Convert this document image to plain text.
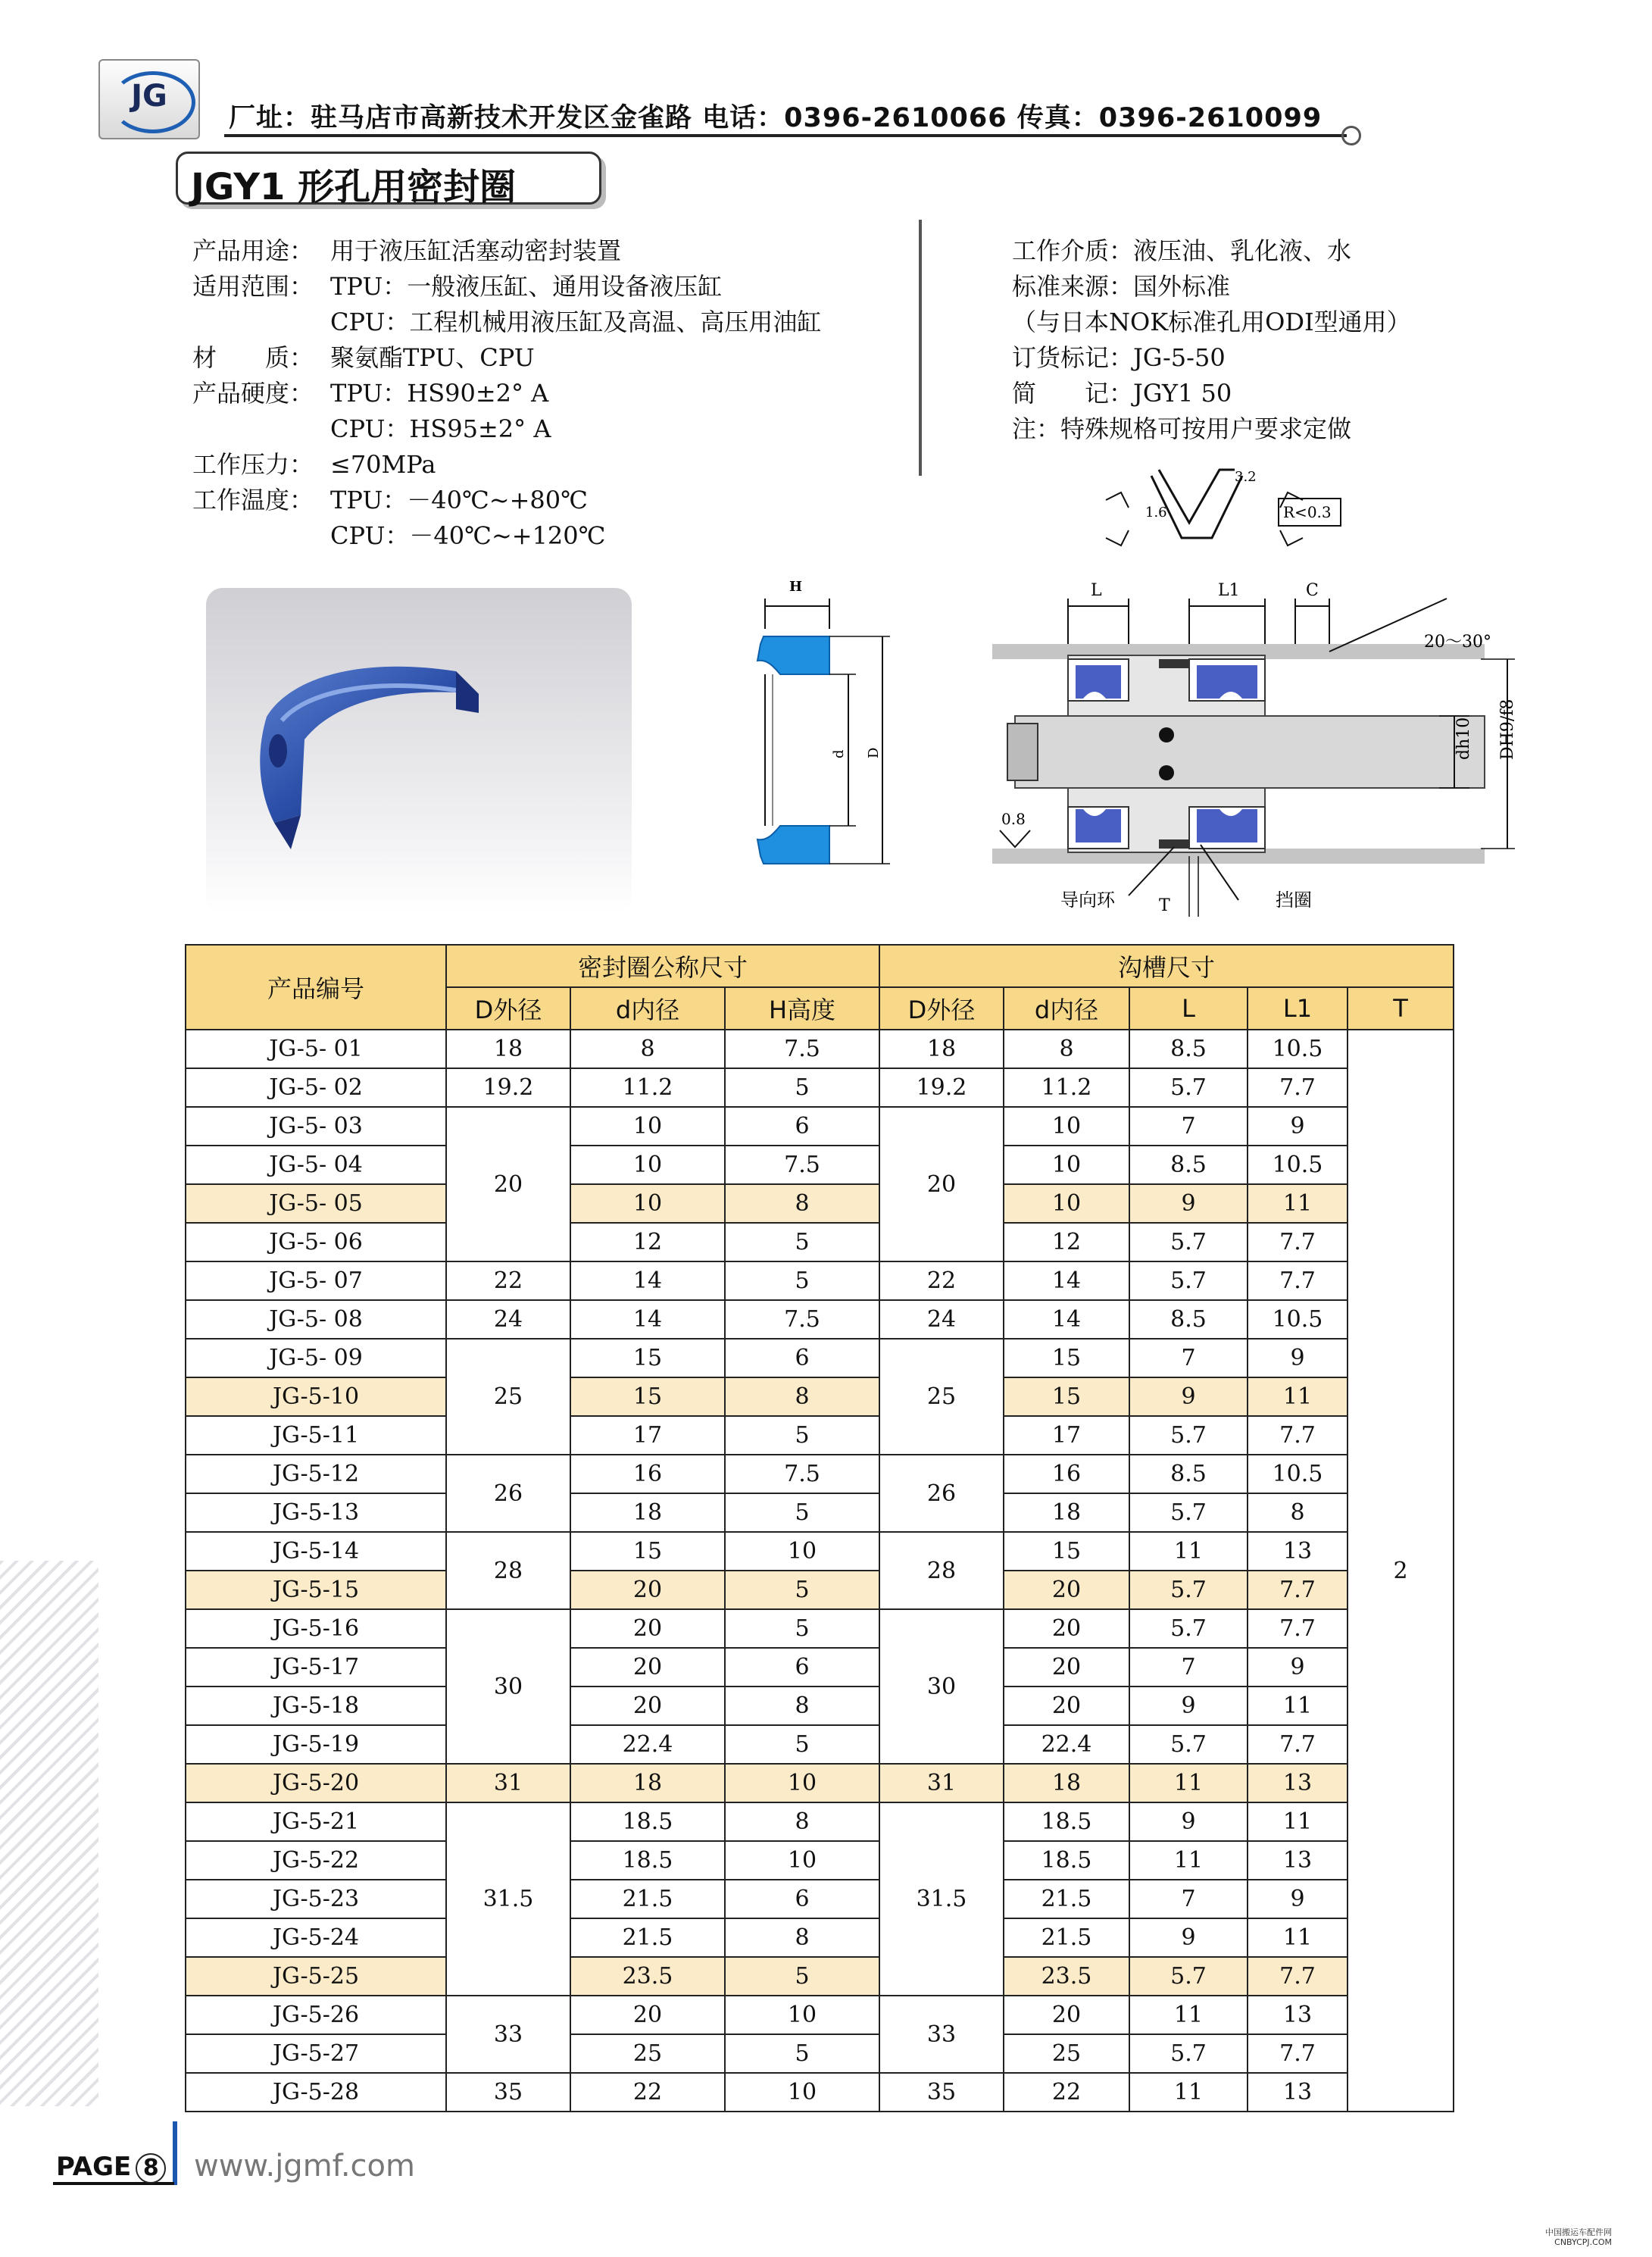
JG
厂址：驻马店市高新技术开发区金雀路 电话：0396-2610066 传真：0396-2610099
JGY1 形孔用密封圈
产品用途： 用于液压缸活塞动密封装置
适用范围： TPU：一般液压缸、通用设备液压缸
CPU：工程机械用液压缸及高温、高压用油缸
材　　质： 聚氨酯TPU、CPU
产品硬度： TPU：HS90±2° A
CPU：HS95±2° A
工作压力： ≤70MPa
工作温度： TPU：－40℃~+80℃
CPU：－40℃~+120℃
工作介质：液压油、乳化液、水
标准来源：国外标准
（与日本NOK标准孔用ODI型通用）
订货标记：JG-5-50
简　　记：JGY1 50
注：特殊规格可按用户要求定做
3.2
1.6	R<0.3
H
d D
L	L1	C
20～30°
dh10 DH9/f8
0.8
导向环	T	挡圈
产品编号	密封圈公称尺寸			沟槽尺寸				
	D外径	d内径	H高度	D外径	d内径	L	L1	T
JG-5- 01	18	8	7.5	18	8	8.5	10.5	2
JG-5- 02	19.2	11.2	5	19.2	11.2	5.7	7.7	
JG-5- 03	20	10	6	20	10	7	9	
JG-5- 04		10	7.5		10	8.5	10.5	
JG-5- 05		10	8		10	9	11	
JG-5- 06		12	5		12	5.7	7.7	
JG-5- 07	22	14	5	22	14	5.7	7.7	
JG-5- 08	24	14	7.5	24	14	8.5	10.5	
JG-5- 09	25	15	6	25	15	7	9	
JG-5-10		15	8		15	9	11	
JG-5-11		17	5		17	5.7	7.7	
JG-5-12	26	16	7.5	26	16	8.5	10.5	
JG-5-13		18	5		18	5.7	8	
JG-5-14	28	15	10	28	15	11	13	
JG-5-15		20	5		20	5.7	7.7	
JG-5-16	30	20	5	30	20	5.7	7.7	
JG-5-17		20	6		20	7	9	
JG-5-18		20	8		20	9	11	
JG-5-19		22.4	5		22.4	5.7	7.7	
JG-5-20	31	18	10	31	18	11	13	
JG-5-21	31.5	18.5	8	31.5	18.5	9	11	
JG-5-22		18.5	10		18.5	11	13	
JG-5-23		21.5	6		21.5	7	9	
JG-5-24		21.5	8		21.5	9	11	
JG-5-25		23.5	5		23.5	5.7	7.7	
JG-5-26	33	20	10	33	20	11	13	
JG-5-27		25	5		25	5.7	7.7	
JG-5-28	35	22	10	35	22	11	13	
PAGE 8 www.jgmf.com
中国搬运车配件网
CNBYCPJ.COM
